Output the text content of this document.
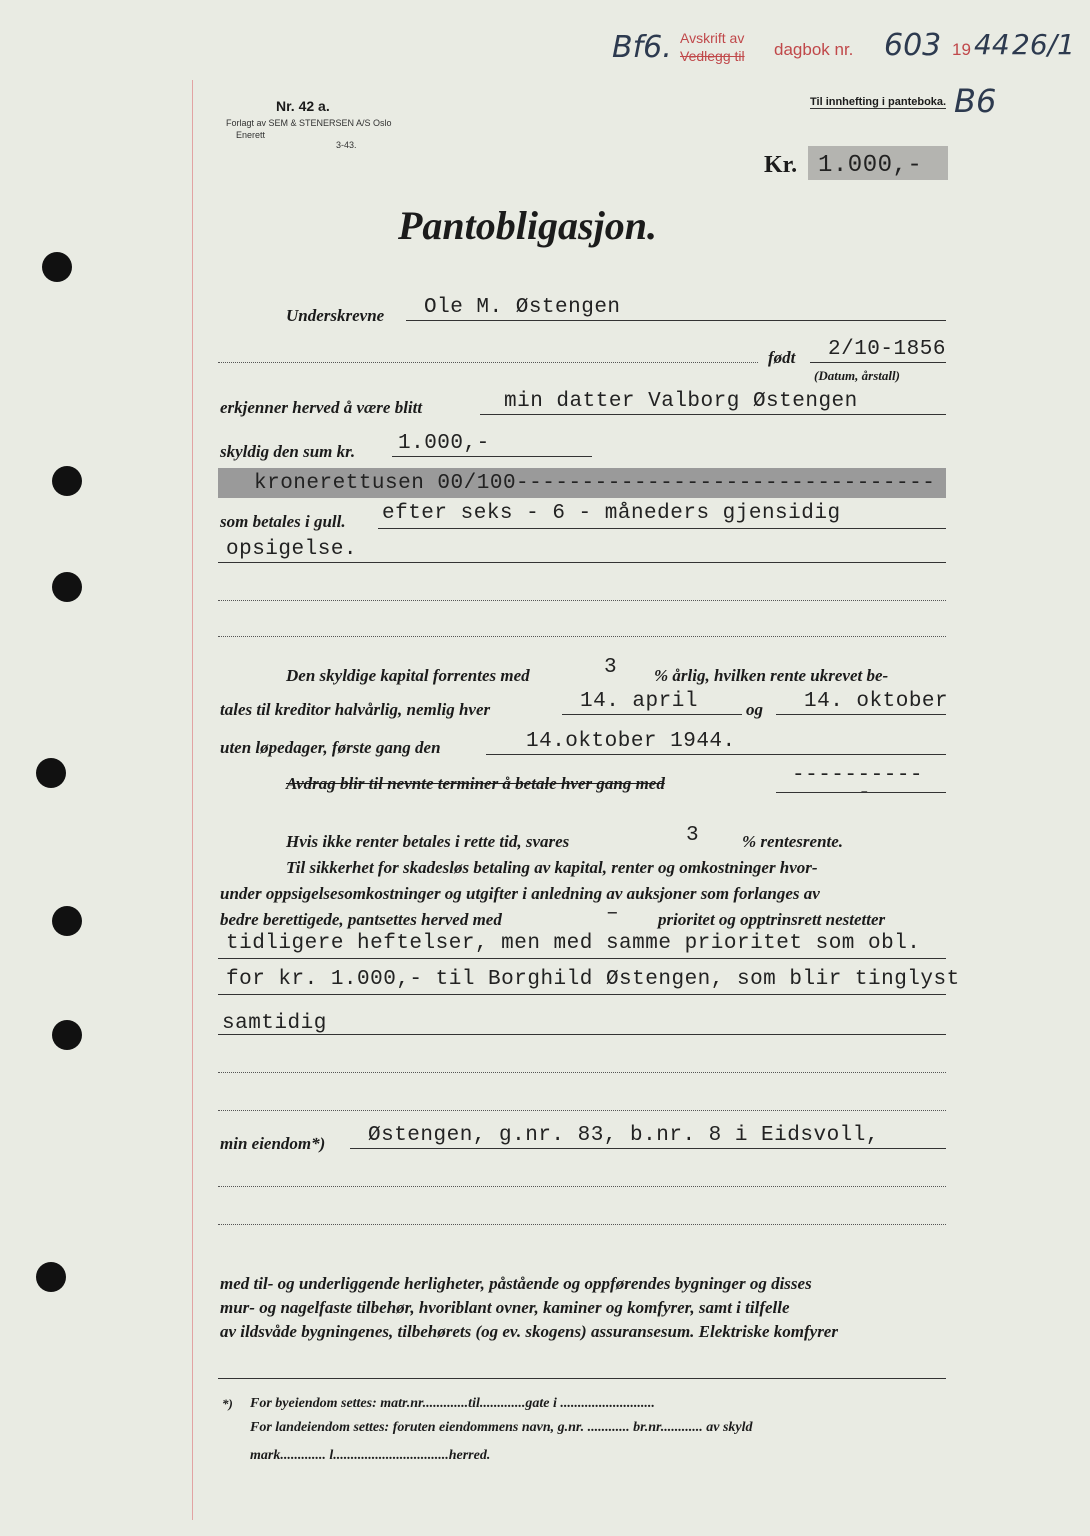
Bf6. Avskrift av
Vedlegg til dagbok nr. 603 19 44 26/1
Nr. 42 a.
Forlagt av SEM & STENERSEN A/S Oslo
Enerett
3-43.
Til innhefting i panteboka. B6
Kr. 1.000,-
Pantobligasjon.
Underskrevne Ole M. Østengen
født 2/10-1856
(Datum, årstall)
erkjenner herved å være blitt	min datter Valborg Østengen
skyldig den sum kr. 1.000,-
kronerettusen 00/100--------------------------------
som betales i gull. efter seks - 6 - måneders gjensidig
opsigelse.
Den skyldige kapital forrentes med	3 % årlig, hvilken rente ukrevet be-
tales til kreditor halvårlig, nemlig hver	14. april	og 14. oktober
uten løpedager, første gang den	14.oktober 1944.
Avdrag blir til nevnte terminer å betale hver gang med	----------
-
Hvis ikke renter betales i rette tid, svares	3	% rentesrente.
Til sikkerhet for skadesløs betaling av kapital, renter og omkostninger hvor-
under oppsigelsesomkostninger og utgifter i anledning av auksjoner som forlanges av
bedre berettigede, pantsettes herved med	– prioritet og opptrinsrett nestetter
tidligere heftelser, men med samme prioritet som obl.
for kr. 1.000,- til Borghild Østengen, som blir tinglyst
samtidig
min eiendom*) Østengen, g.nr. 83, b.nr. 8 i Eidsvoll,
med til- og underliggende herligheter, påstående og oppførendes bygninger og disses
mur- og nagelfaste tilbehør, hvoriblant ovner, kaminer og komfyrer, samt i tilfelle
av ildsvåde bygningenes, tilbehørets (og ev. skogens) assuransesum. Elektriske komfyrer
*) For byeiendom settes: matr.nr.............til.............gate i ...........................
For landeiendom settes: foruten eiendommens navn, g.nr. ............ br.nr............ av skyld
mark............. l.................................herred.
